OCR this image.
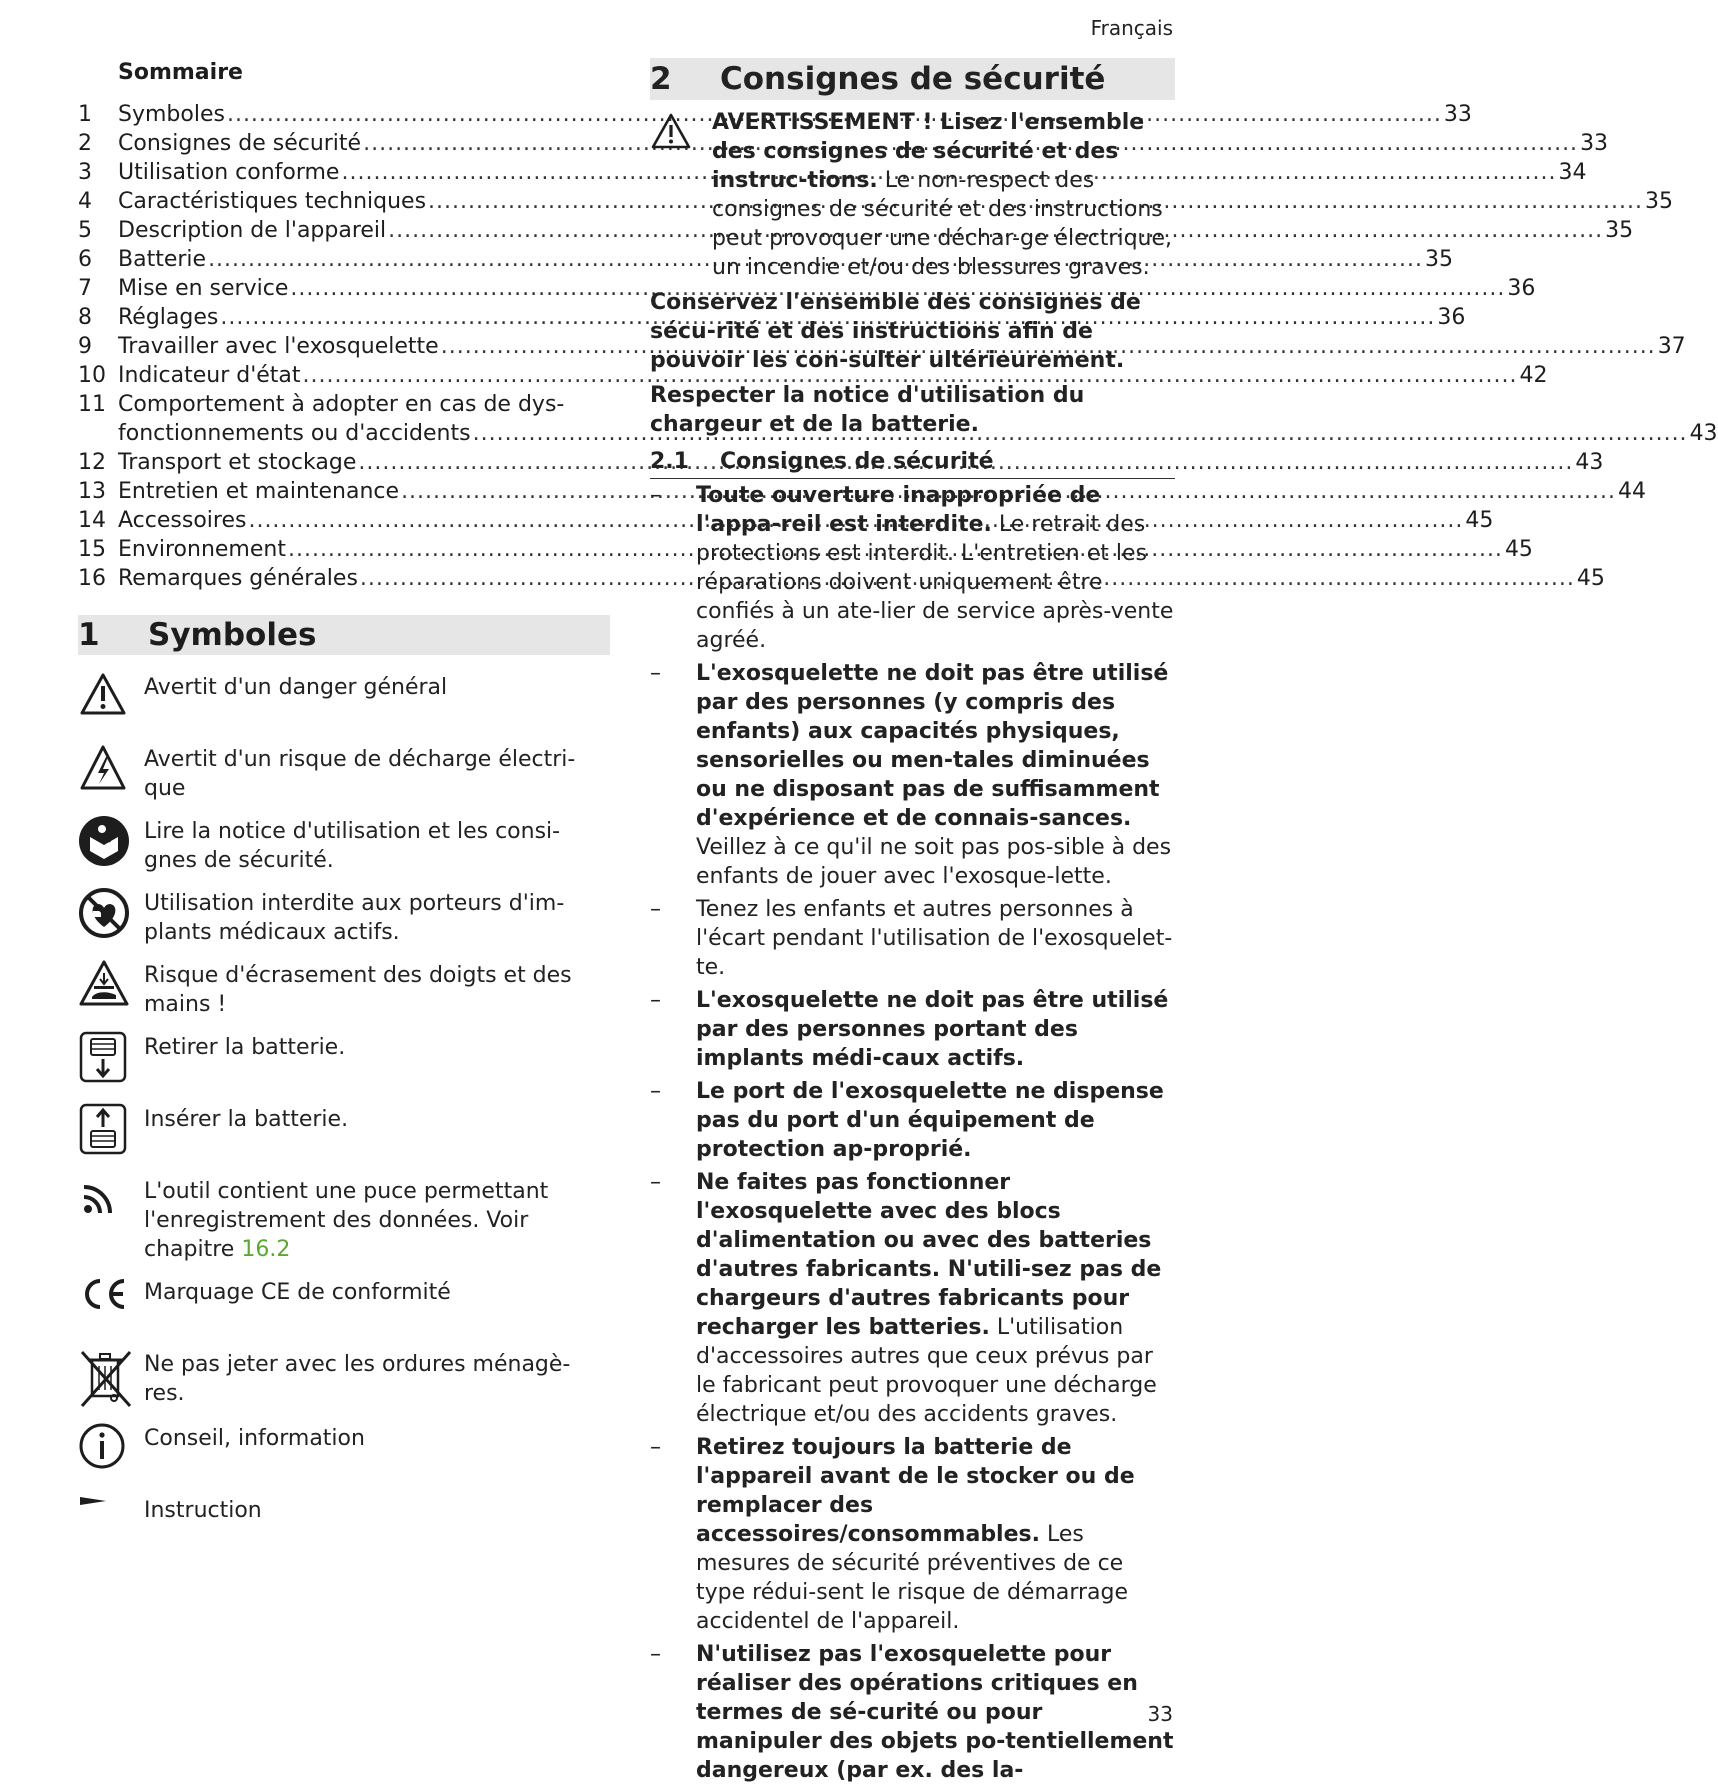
Français
Sommaire
1	Symboles .....	33
2	Consignes de sécurité .....	33
3	Utilisation conforme .....	34
4	Caractéristiques techniques .....	35
5	Description de l'appareil .....	35
6	Batterie .....	35
7	Mise en service .....	36
8	Réglages .....	36
9	Travailler avec l'exosquelette .....	37
10 Indicateur d'état .....	42
11 Comportement à adopter en cas de dys-
fonctionnements ou d'accidents .....	43
12 Transport et stockage .....	43
13 Entretien et maintenance .....	44
14 Accessoires .....	45
15 Environnement .....	45
16 Remarques générales .....	45
1	Symboles
Avertit d'un danger général
Avertit d'un risque de décharge électri-que
Lire la notice d'utilisation et les consi-gnes de sécurité.
Utilisation interdite aux porteurs d'im-plants médicaux actifs.
Risque d'écrasement des doigts et des mains !
Retirer la batterie.
Insérer la batterie.
L'outil contient une puce permettant l'enregistrement des données. Voir chapitre 16.2
Marquage CE de conformité
Ne pas jeter avec les ordures ménagè-res.
Conseil, information
Instruction
2	Consignes de sécurité
AVERTISSEMENT ! Lisez l'ensemble des consignes de sécurité et des instruc-tions. Le non-respect des consignes de sécurité et des instructions peut provoquer une déchar-ge électrique, un incendie et/ou des blessures graves.
Conservez l'ensemble des consignes de sécu-rité et des instructions afin de pouvoir les con-sulter ultérieurement.
Respecter la notice d'utilisation du chargeur et de la batterie.
2.1	Consignes de sécurité
–	Toute ouverture inappropriée de l'appa-reil est interdite. Le retrait des protections est interdit. L'entretien et les réparations doivent uniquement être confiés à un ate-lier de service après-vente agréé.
–	L'exosquelette ne doit pas être utilisé par des personnes (y compris des enfants) aux capacités physiques, sensorielles ou men-tales diminuées ou ne disposant pas de suffisamment d'expérience et de connais-sances. Veillez à ce qu'il ne soit pas pos-sible à des enfants de jouer avec l'exosque-lette.
–	Tenez les enfants et autres personnes à l'écart pendant l'utilisation de l'exosquelet-te.
–	L'exosquelette ne doit pas être utilisé par des personnes portant des implants médi-caux actifs.
–	Le port de l'exosquelette ne dispense pas du port d'un équipement de protection ap-proprié.
–	Ne faites pas fonctionner l'exosquelette avec des blocs d'alimentation ou avec des batteries d'autres fabricants. N'utili-sez pas de chargeurs d'autres fabricants pour recharger les batteries. L'utilisation d'accessoires autres que ceux prévus par le fabricant peut provoquer une décharge électrique et/ou des accidents graves.
–	Retirez toujours la batterie de l'appareil avant de le stocker ou de remplacer des accessoires/consommables. Les mesures de sécurité préventives de ce type rédui-sent le risque de démarrage accidentel de l'appareil.
–	N'utilisez pas l'exosquelette pour réaliser des opérations critiques en termes de sé-curité ou pour manipuler des objets po-tentiellement dangereux (par ex. des la-
33
